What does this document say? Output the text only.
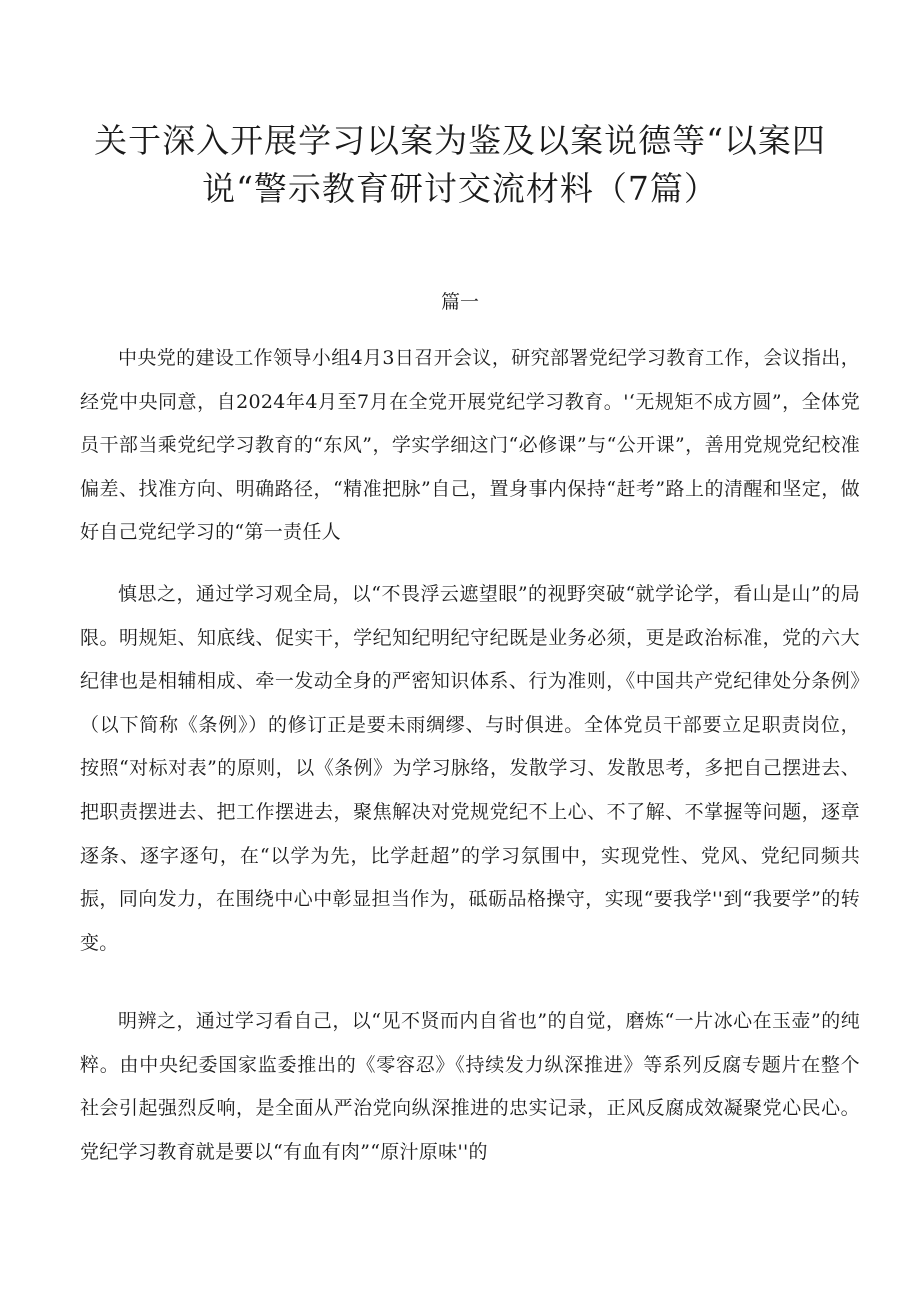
关于深入开展学习以案为鉴及以案说德等“以案四说“警示教育研讨交流材料（7篇）
篇一

中央党的建设工作领导小组4月3日召开会议，研究部署党纪学习教育工作，会议指出，经党中央同意，自2024年4月至7月在全党开展党纪学习教育。'‘无规矩不成方圆”，全体党员干部当乘党纪学习教育的“东风”，学实学细这门“必修课”与“公开课”，善用党规党纪校准偏差、找准方向、明确路径，“精准把脉”自己，置身事内保持“赶考”路上的清醒和坚定，做好自己党纪学习的“第一责任人

慎思之，通过学习观全局，以“不畏浮云遮望眼”的视野突破“就学论学，看山是山”的局限。明规矩、知底线、促实干，学纪知纪明纪守纪既是业务必须，更是政治标准，党的六大纪律也是相辅相成、牵一发动全身的严密知识体系、行为准则，《中国共产党纪律处分条例》（以下简称《条例》）的修订正是要未雨绸缪、与时俱进。全体党员干部要立足职责岗位，按照“对标对表”的原则，以《条例》为学习脉络，发散学习、发散思考，多把自己摆进去、把职责摆进去、把工作摆进去，聚焦解决对党规党纪不上心、不了解、不掌握等问题，逐章逐条、逐字逐句，在“以学为先，比学赶超”的学习氛围中，实现党性、党风、党纪同频共振，同向发力，在围绕中心中彰显担当作为，砥砺品格操守，实现“要我学''到“我要学”的转变。

明辨之，通过学习看自己，以“见不贤而内自省也”的自觉，磨炼“一片冰心在玉壶”的纯粹。由中央纪委国家监委推出的《零容忍》《持续发力纵深推进》等系列反腐专题片在整个社会引起强烈反响，是全面从严治党向纵深推进的忠实记录，正风反腐成效凝聚党心民心。党纪学习教育就是要以“有血有肉”“原汁原味''的
